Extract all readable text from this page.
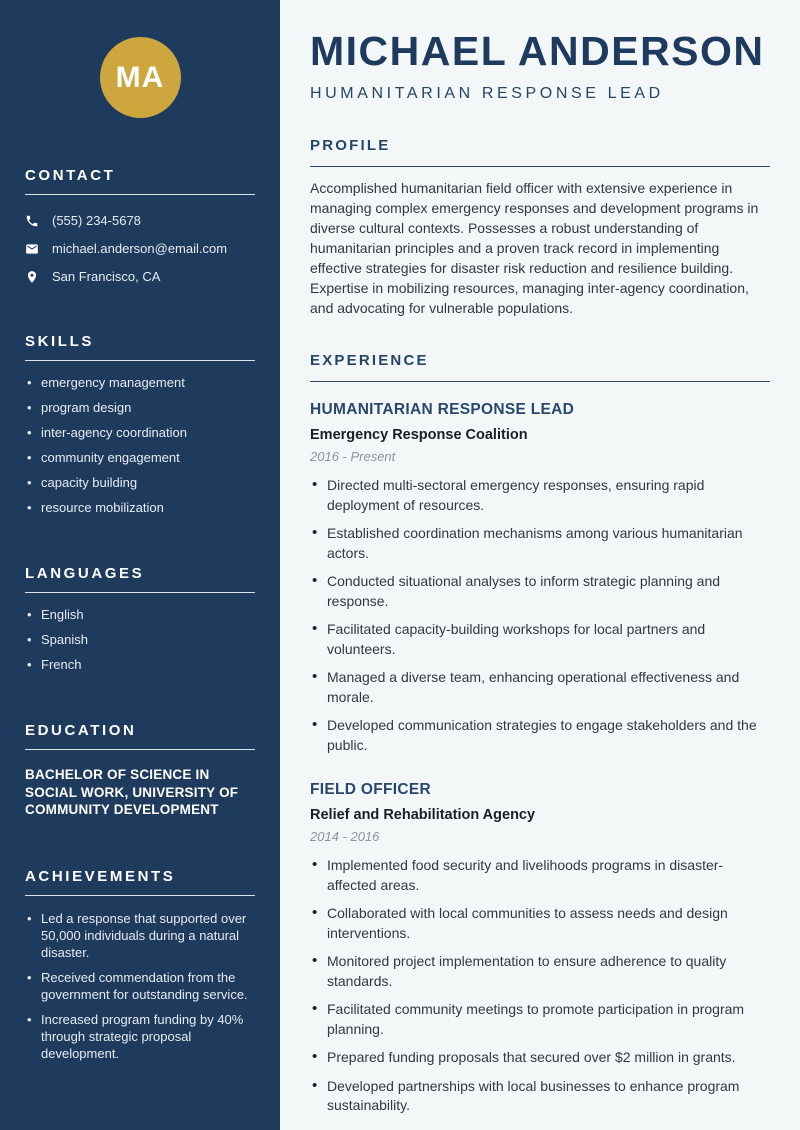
MA
CONTACT
(555) 234-5678
michael.anderson@email.com
San Francisco, CA
SKILLS
• emergency management
• program design
• inter-agency coordination
• community engagement
• capacity building
• resource mobilization
LANGUAGES
• English
• Spanish
• French
EDUCATION
BACHELOR OF SCIENCE IN SOCIAL WORK, UNIVERSITY OF COMMUNITY DEVELOPMENT
ACHIEVEMENTS
• Led a response that supported over 50,000 individuals during a natural disaster.
• Received commendation from the government for outstanding service.
• Increased program funding by 40% through strategic proposal development.
MICHAEL ANDERSON
HUMANITARIAN RESPONSE LEAD
PROFILE

Accomplished humanitarian field officer with extensive experience in managing complex emergency responses and development programs in diverse cultural contexts. Possesses a robust understanding of humanitarian principles and a proven track record in implementing effective strategies for disaster risk reduction and resilience building. Expertise in mobilizing resources, managing inter-agency coordination, and advocating for vulnerable populations.

EXPERIENCE
HUMANITARIAN RESPONSE LEAD
Emergency Response Coalition
2016 - Present
• Directed multi-sectoral emergency responses, ensuring rapid deployment of resources.
• Established coordination mechanisms among various humanitarian actors.
• Conducted situational analyses to inform strategic planning and response.
• Facilitated capacity-building workshops for local partners and volunteers.
• Managed a diverse team, enhancing operational effectiveness and morale.
• Developed communication strategies to engage stakeholders and the public.
FIELD OFFICER
Relief and Rehabilitation Agency
2014 - 2016
• Implemented food security and livelihoods programs in disaster-affected areas.
• Collaborated with local communities to assess needs and design interventions.
• Monitored project implementation to ensure adherence to quality standards.
• Facilitated community meetings to promote participation in program planning.
• Prepared funding proposals that secured over $2 million in grants.
• Developed partnerships with local businesses to enhance program sustainability.
